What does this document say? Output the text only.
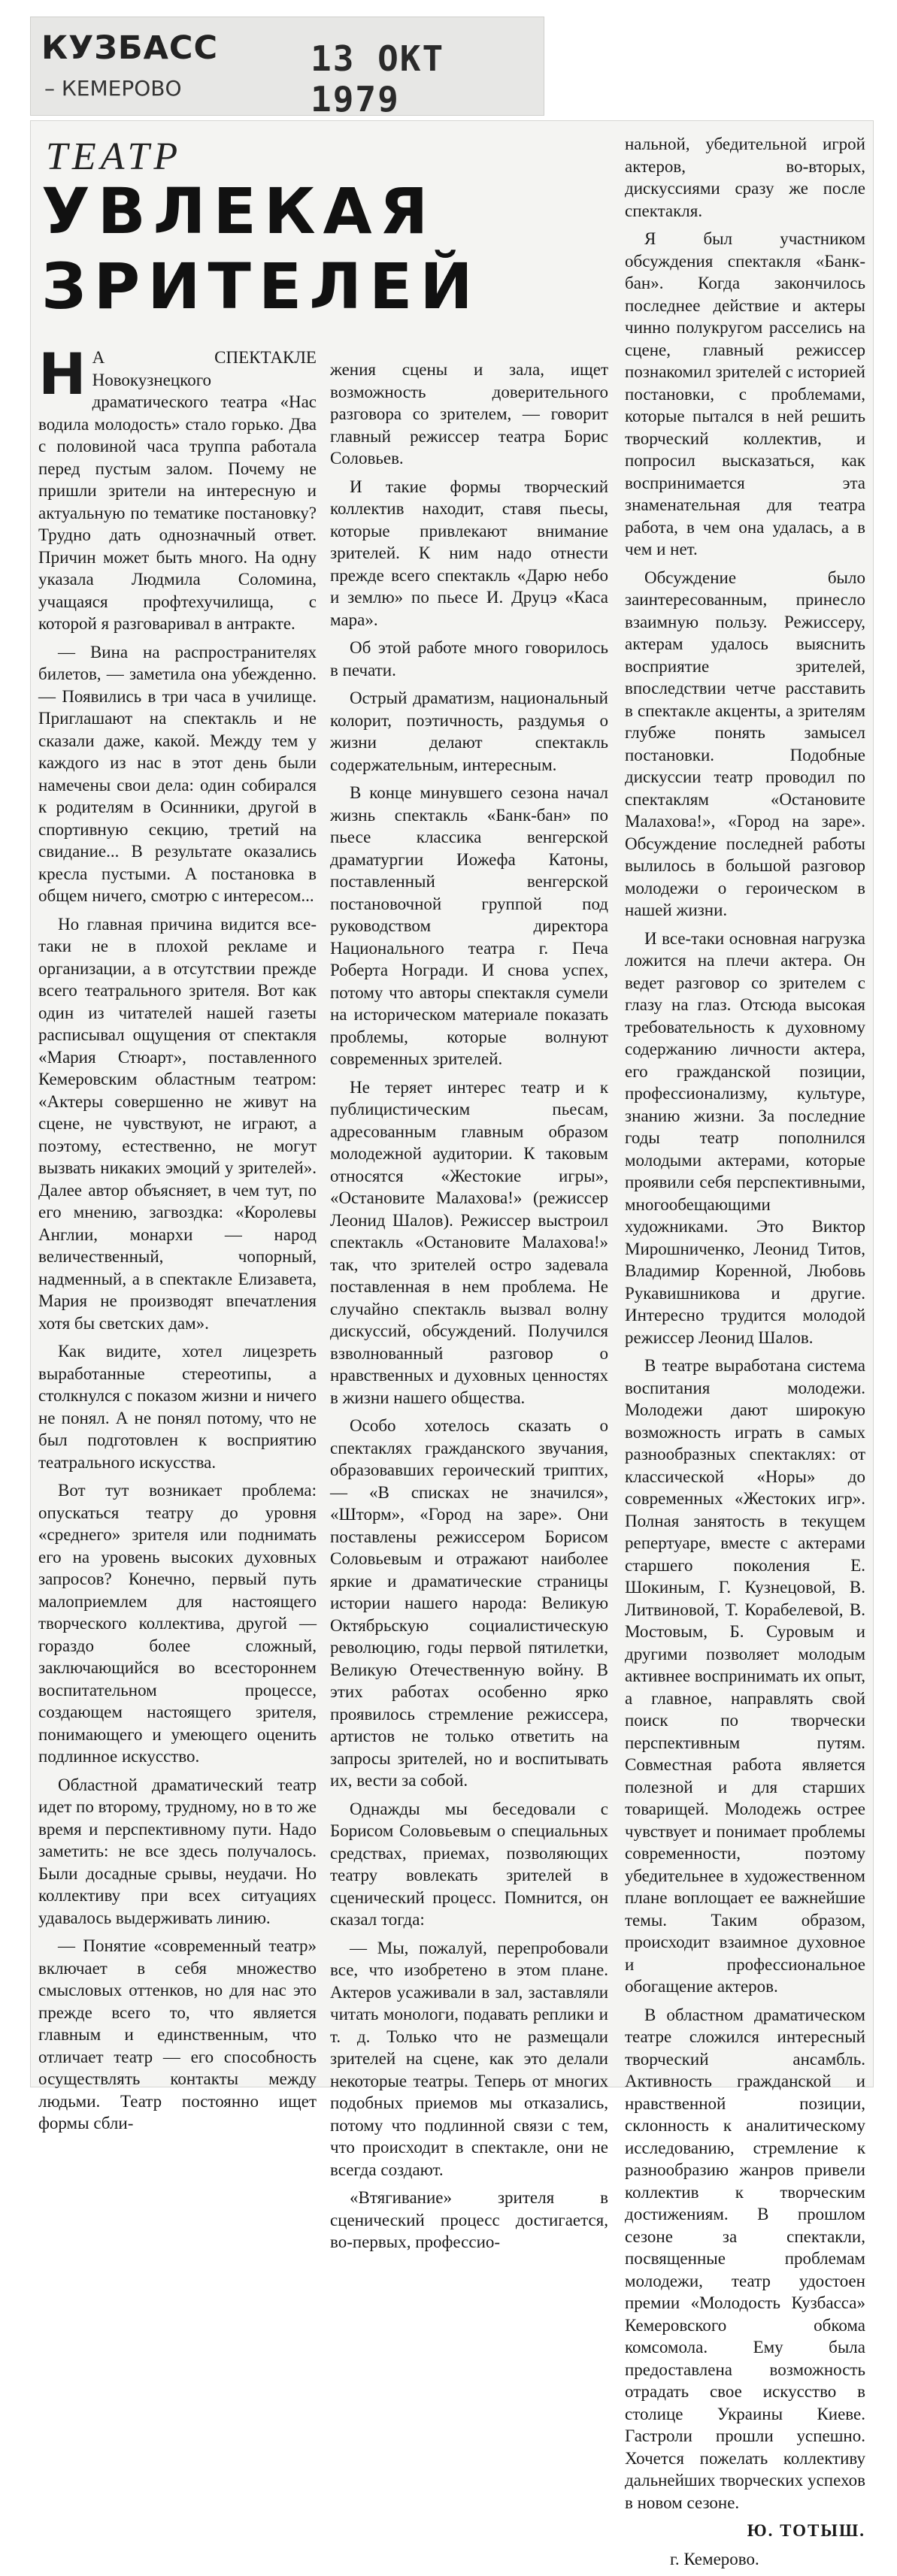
КУЗБАСС
– КЕМЕРОВО
13 ОКТ 1979
ТЕАТР
УВЛЕКАЯ ЗРИТЕЛЕЙ

Н А СПЕКТАКЛЕ Новокузнецкого драматического театра «Нас водила молодость» стало горько. Два с половиной часа труппа работала перед пустым залом. Почему не пришли зрители на интересную и актуальную по тематике постановку? Трудно дать однозначный ответ. Причин может быть много. На одну указала Людмила Соломина, учащаяся профтехучилища, с которой я разговаривал в антракте.

— Вина на распространителях билетов, — заметила она убежденно. — Появились в три часа в училище. Приглашают на спектакль и не сказали даже, какой. Между тем у каждого из нас в этот день были намечены свои дела: один собирался к родителям в Осинники, другой в спортивную секцию, третий на свидание... В результате оказались кресла пустыми. А постановка в общем ничего, смотрю с интересом...

Но главная причина видится все-таки не в плохой рекламе и организации, а в отсутствии прежде всего театрального зрителя. Вот как один из читателей нашей газеты расписывал ощущения от спектакля «Мария Стюарт», поставленного Кемеровским областным театром: «Актеры совершенно не живут на сцене, не чувствуют, не играют, а поэтому, естественно, не могут вызвать никаких эмоций у зрителей». Далее автор объясняет, в чем тут, по его мнению, загвоздка: «Королевы Англии, монархи — народ величественный, чопорный, надменный, а в спектакле Елизавета, Мария не производят впечатления хотя бы светских дам».

Как видите, хотел лицезреть выработанные стереотипы, а столкнулся с показом жизни и ничего не понял. А не понял потому, что не был подготовлен к восприятию театрального искусства.

Вот тут возникает проблема: опускаться театру до уровня «среднего» зрителя или поднимать его на уровень высоких духовных запросов? Конечно, первый путь малоприемлем для настоящего творческого коллектива, другой — гораздо более сложный, заключающийся во всестороннем воспитательном процессе, создающем настоящего зрителя, понимающего и умеющего оценить подлинное искусство.

Областной драматический театр идет по второму, трудному, но в то же время и перспективному пути. Надо заметить: не все здесь получалось. Были досадные срывы, неудачи. Но коллективу при всех ситуациях удавалось выдерживать линию.

— Понятие «современный театр» включает в себя множество смысловых оттенков, но для нас это прежде всего то, что является главным и единственным, что отличает театр — его способность осуществлять контакты между людьми. Театр постоянно ищет формы сбли-

жения сцены и зала, ищет возможность доверительного разговора со зрителем, — говорит главный режиссер театра Борис Соловьев.

И такие формы творческий коллектив находит, ставя пьесы, которые привлекают внимание зрителей. К ним надо отнести прежде всего спектакль «Дарю небо и землю» по пьесе И. Друцэ «Каса мара».

Об этой работе много говорилось в печати.

Острый драматизм, национальный колорит, поэтичность, раздумья о жизни делают спектакль содержательным, интересным.

В конце минувшего сезона начал жизнь спектакль «Банк-бан» по пьесе классика венгерской драматургии Иожефа Катоны, поставленный венгерской постановочной группой под руководством директора Национального театра г. Печа Роберта Ногради. И снова успех, потому что авторы спектакля сумели на историческом материале показать проблемы, которые волнуют современных зрителей.

Не теряет интерес театр и к публицистическим пьесам, адресованным главным образом молодежной аудитории. К таковым относятся «Жестокие игры», «Остановите Малахова!» (режиссер Леонид Шалов). Режиссер выстроил спектакль «Остановите Малахова!» так, что зрителей остро задевала поставленная в нем проблема. Не случайно спектакль вызвал волну дискуссий, обсуждений. Получился взволнованный разговор о нравственных и духовных ценностях в жизни нашего общества.

Особо хотелось сказать о спектаклях гражданского звучания, образовавших героический триптих, — «В списках не значился», «Шторм», «Город на заре». Они поставлены режиссером Борисом Соловьевым и отражают наиболее яркие и драматические страницы истории нашего народа: Великую Октябрьскую социалистическую революцию, годы первой пятилетки, Великую Отечественную войну. В этих работах особенно ярко проявилось стремление режиссера, артистов не только ответить на запросы зрителей, но и воспитывать их, вести за собой.

Однажды мы беседовали с Борисом Соловьевым о специальных средствах, приемах, позволяющих театру вовлекать зрителей в сценический процесс. Помнится, он сказал тогда:

— Мы, пожалуй, перепробовали все, что изобретено в этом плане. Актеров усаживали в зал, заставляли читать монологи, подавать реплики и т. д. Только что не размещали зрителей на сцене, как это делали некоторые театры. Теперь от многих подобных приемов мы отказались, потому что подлинной связи с тем, что происходит в спектакле, они не всегда создают.

«Втягивание» зрителя в сценический процесс достигается, во-первых, профессио-

нальной, убедительной игрой актеров, во-вторых, дискуссиями сразу же после спектакля.

Я был участником обсуждения спектакля «Банк-бан». Когда закончилось последнее действие и актеры чинно полукругом расселись на сцене, главный режиссер познакомил зрителей с историей постановки, с проблемами, которые пытался в ней решить творческий коллектив, и попросил высказаться, как воспринимается эта знаменательная для театра работа, в чем она удалась, а в чем и нет.

Обсуждение было заинтересованным, принесло взаимную пользу. Режиссеру, актерам удалось выяснить восприятие зрителей, впоследствии четче расставить в спектакле акценты, а зрителям глубже понять замысел постановки. Подобные дискуссии театр проводил по спектаклям «Остановите Малахова!», «Город на заре». Обсуждение последней работы вылилось в большой разговор молодежи о героическом в нашей жизни.

И все-таки основная нагрузка ложится на плечи актера. Он ведет разговор со зрителем с глазу на глаз. Отсюда высокая требовательность к духовному содержанию личности актера, его гражданской позиции, профессионализму, культуре, знанию жизни. За последние годы театр пополнился молодыми актерами, которые проявили себя перспективными, многообещающими художниками. Это Виктор Мирошниченко, Леонид Титов, Владимир Коренной, Любовь Рукавишникова и другие. Интересно трудится молодой режиссер Леонид Шалов.

В театре выработана система воспитания молодежи. Молодежи дают широкую возможность играть в самых разнообразных спектаклях: от классической «Норы» до современных «Жестоких игр». Полная занятость в текущем репертуаре, вместе с актерами старшего поколения Е. Шокиным, Г. Кузнецовой, В. Литвиновой, Т. Корабелевой, В. Мостовым, Б. Суровым и другими позволяет молодым активнее воспринимать их опыт, а главное, направлять свой поиск по творчески перспективным путям. Совместная работа является полезной и для старших товарищей. Молодежь острее чувствует и понимает проблемы современности, поэтому убедительнее в художественном плане воплощает ее важнейшие темы. Таким образом, происходит взаимное духовное и профессиональное обогащение актеров.

В областном драматическом театре сложился интересный творческий ансамбль. Активность гражданской и нравственной позиции, склонность к аналитическому исследованию, стремление к разнообразию жанров привели коллектив к творческим достижениям. В прошлом сезоне за спектакли, посвященные проблемам молодежи, театр удостоен премии «Молодость Кузбасса» Кемеровского обкома комсомола. Ему была предоставлена возможность отрадать свое искусство в столице Украины Киеве. Гастроли прошли успешно. Хочется пожелать коллективу дальнейших творческих успехов в новом сезоне.

Ю. ТОТЫШ.

г. Кемерово.
